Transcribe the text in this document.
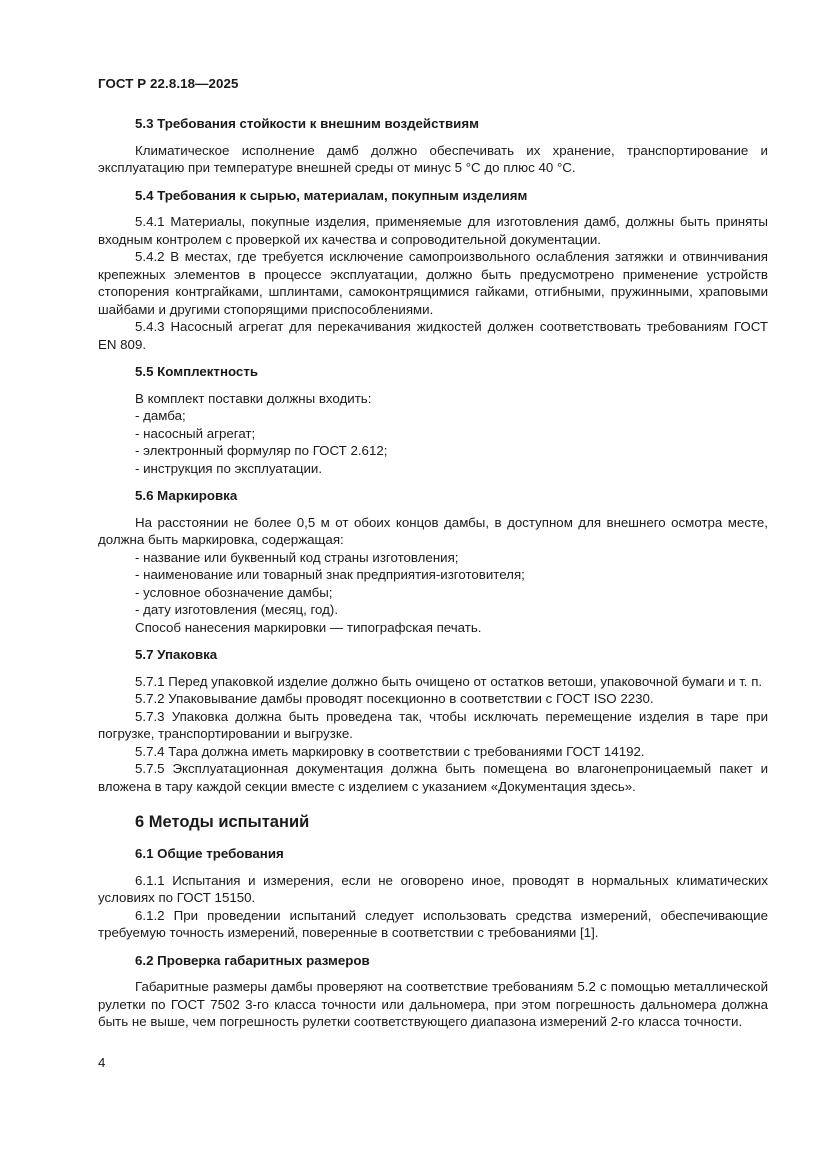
ГОСТ Р 22.8.18—2025
5.3 Требования стойкости к внешним воздействиям

Климатическое исполнение дамб должно обеспечивать их хранение, транспортирование и эксплуатацию при температуре внешней среды от минус 5 °С до плюс 40 °С.

5.4 Требования к сырью, материалам, покупным изделиям

5.4.1 Материалы, покупные изделия, применяемые для изготовления дамб, должны быть приняты входным контролем с проверкой их качества и сопроводительной документации.

5.4.2 В местах, где требуется исключение самопроизвольного ослабления затяжки и отвинчивания крепежных элементов в процессе эксплуатации, должно быть предусмотрено применение устройств стопорения контргайками, шплинтами, самоконтрящимися гайками, отгибными, пружинными, храповыми шайбами и другими стопорящими приспособлениями.

5.4.3 Насосный агрегат для перекачивания жидкостей должен соответствовать требованиям ГОСТ EN 809.

5.5 Комплектность

В комплект поставки должны входить:

- дамба;

- насосный агрегат;

- электронный формуляр по ГОСТ 2.612;

- инструкция по эксплуатации.

5.6 Маркировка

На расстоянии не более 0,5 м от обоих концов дамбы, в доступном для внешнего осмотра месте, должна быть маркировка, содержащая:

- название или буквенный код страны изготовления;

- наименование или товарный знак предприятия-изготовителя;

- условное обозначение дамбы;

- дату изготовления (месяц, год).

Способ нанесения маркировки — типографская печать.

5.7 Упаковка

5.7.1 Перед упаковкой изделие должно быть очищено от остатков ветоши, упаковочной бумаги и т. п.

5.7.2 Упаковывание дамбы проводят посекционно в соответствии с ГОСТ ISO 2230.

5.7.3 Упаковка должна быть проведена так, чтобы исключать перемещение изделия в таре при погрузке, транспортировании и выгрузке.

5.7.4 Тара должна иметь маркировку в соответствии с требованиями ГОСТ 14192.

5.7.5 Эксплуатационная документация должна быть помещена во влагонепроницаемый пакет и вложена в тару каждой секции вместе с изделием с указанием «Документация здесь».

6 Методы испытаний
6.1 Общие требования

6.1.1 Испытания и измерения, если не оговорено иное, проводят в нормальных климатических условиях по ГОСТ 15150.

6.1.2 При проведении испытаний следует использовать средства измерений, обеспечивающие требуемую точность измерений, поверенные в соответствии с требованиями [1].

6.2 Проверка габаритных размеров

Габаритные размеры дамбы проверяют на соответствие требованиям 5.2 с помощью металлической рулетки по ГОСТ 7502 3-го класса точности или дальномера, при этом погрешность дальномера должна быть не выше, чем погрешность рулетки соответствующего диапазона измерений 2-го класса точности.

4
